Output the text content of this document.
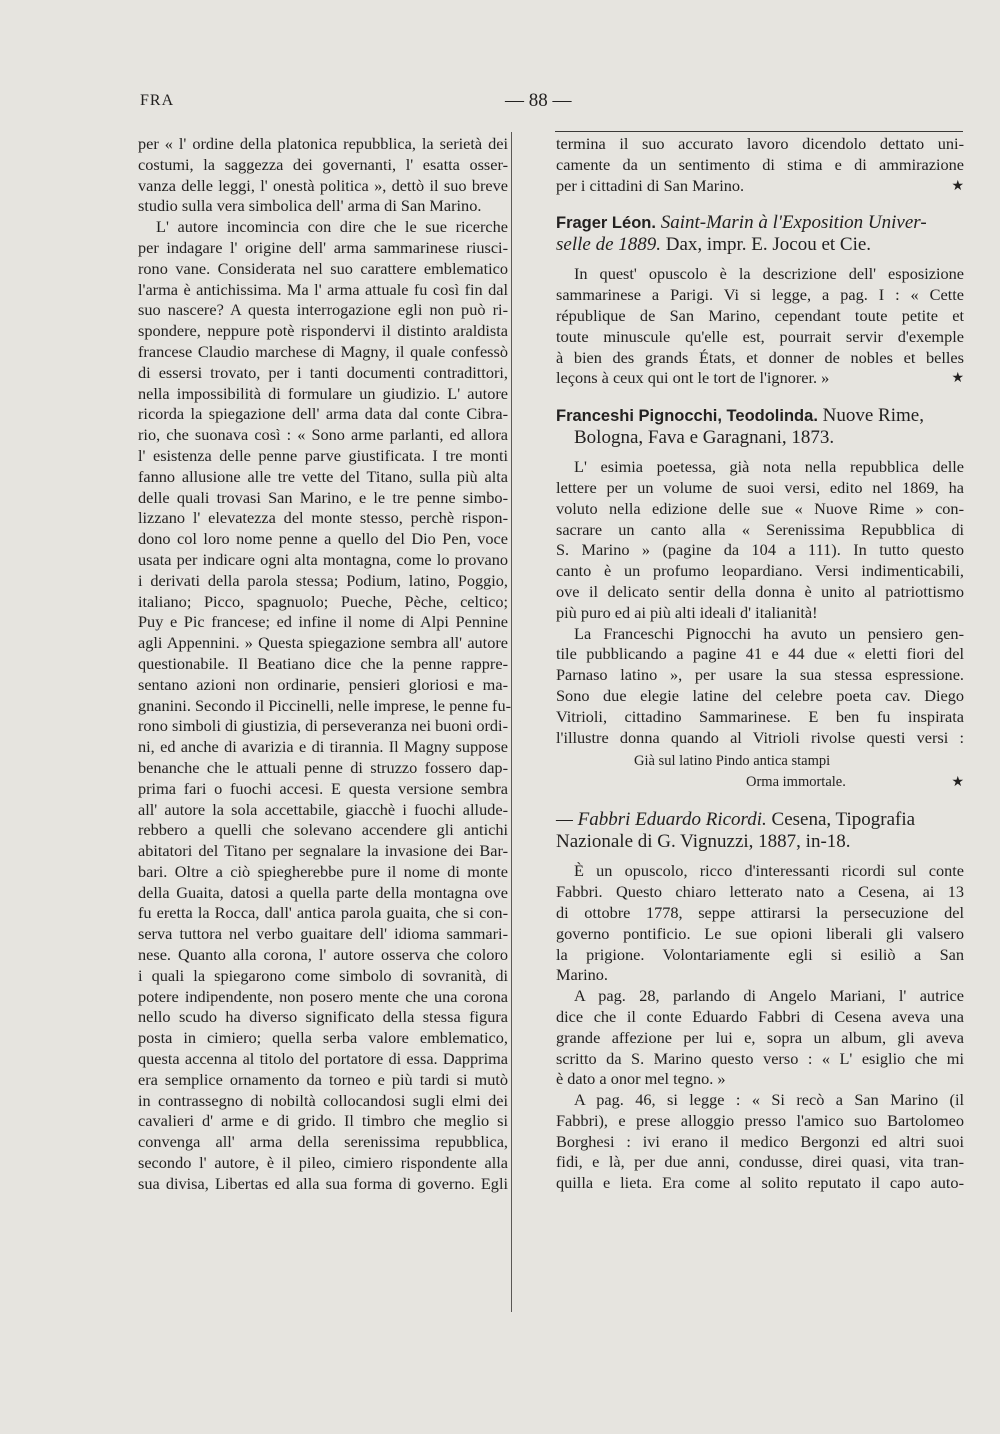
FRA	— 88 —
per « l' ordine della platonica repubblica, la serietà dei
costumi, la saggezza dei governanti, l' esatta osser-
vanza delle leggi, l' onestà politica », dettò il suo breve
studio sulla vera simbolica dell' arma di San Marino.
L' autore incomincia con dire che le sue ricerche
per indagare l' origine dell' arma sammarinese riusci-
rono vane. Considerata nel suo carattere emblematico
l'arma è antichissima. Ma l' arma attuale fu così fin dal
suo nascere? A questa interrogazione egli non può ri-
spondere, neppure potè rispondervi il distinto araldista
francese Claudio marchese di Magny, il quale confessò
di essersi trovato, per i tanti documenti contradittori,
nella impossibilità di formulare un giudizio. L' autore
ricorda la spiegazione dell' arma data dal conte Cibra-
rio, che suonava così : « Sono arme parlanti, ed allora
l' esistenza delle penne parve giustificata. I tre monti
fanno allusione alle tre vette del Titano, sulla più alta
delle quali trovasi San Marino, e le tre penne simbo-
lizzano l' elevatezza del monte stesso, perchè rispon-
dono col loro nome penne a quello del Dio Pen, voce
usata per indicare ogni alta montagna, come lo provano
i derivati della parola stessa; Podium, latino, Poggio,
italiano; Picco, spagnuolo; Pueche, Pèche, celtico;
Puy e Pic francese; ed infine il nome di Alpi Pennine
agli Appennini. » Questa spiegazione sembra all' autore
questionabile. Il Beatiano dice che la penne rappre-
sentano azioni non ordinarie, pensieri gloriosi e ma-
gnanini. Secondo il Piccinelli, nelle imprese, le penne fu-
rono simboli di giustizia, di perseveranza nei buoni ordi-
ni, ed anche di avarizia e di tirannia. Il Magny suppose
benanche che le attuali penne di struzzo fossero dap-
prima fari o fuochi accesi. E questa versione sembra
all' autore la sola accettabile, giacchè i fuochi allude-
rebbero a quelli che solevano accendere gli antichi
abitatori del Titano per segnalare la invasione dei Bar-
bari. Oltre a ciò spiegherebbe pure il nome di monte
della Guaita, datosi a quella parte della montagna ove
fu eretta la Rocca, dall' antica parola guaita, che si con-
serva tuttora nel verbo guaitare dell' idioma sammari-
nese. Quanto alla corona, l' autore osserva che coloro
i quali la spiegarono come simbolo di sovranità, di
potere indipendente, non posero mente che una corona
nello scudo ha diverso significato della stessa figura
posta in cimiero; quella serba valore emblematico,
questa accenna al titolo del portatore di essa. Dapprima
era semplice ornamento da torneo e più tardi si mutò
in contrassegno di nobiltà collocandosi sugli elmi dei
cavalieri d' arme e di grido. Il timbro che meglio si
convenga all' arma della serenissima repubblica,
secondo l' autore, è il pileo, cimiero rispondente alla
sua divisa, Libertas ed alla sua forma di governo. Egli
termina il suo accurato lavoro dicendolo dettato uni-
camente da un sentimento di stima e di ammirazione
per i cittadini di San Marino.	★
Frager Léon. Saint-Marin à l'Exposition Univer-
selle de 1889. Dax, impr. E. Jocou et Cie.
In quest' opuscolo è la descrizione dell' esposizione
sammarinese a Parigi. Vi si legge, a pag. I : « Cette
république de San Marino, cependant toute petite et
toute minuscule qu'elle est, pourrait servir d'exemple
à bien des grands États, et donner de nobles et belles
leçons à ceux qui ont le tort de l'ignorer. »	★
Franceshi Pignocchi, Teodolinda. Nuove Rime,
Bologna, Fava e Garagnani, 1873.
L' esimia poetessa, già nota nella repubblica delle
lettere per un volume de suoi versi, edito nel 1869, ha
voluto nella edizione delle sue « Nuove Rime » con-
sacrare un canto alla « Serenissima Repubblica di
S. Marino » (pagine da 104 a 111). In tutto questo
canto è un profumo leopardiano. Versi indimenticabili,
ove il delicato sentir della donna è unito al patriottismo
più puro ed ai più alti ideali d' italianità!
La Franceschi Pignocchi ha avuto un pensiero gen-
tile pubblicando a pagine 41 e 44 due « eletti fiori del
Parnaso latino », per usare la sua stessa espressione.
Sono due elegie latine del celebre poeta cav. Diego
Vitrioli, cittadino Sammarinese. E ben fu inspirata
l'illustre donna quando al Vitrioli rivolse questi versi :
Già sul latino Pindo antica stampi
Orma immortale.	★
— Fabbri Eduardo Ricordi. Cesena, Tipografia
Nazionale di G. Vignuzzi, 1887, in-18.
È un opuscolo, ricco d'interessanti ricordi sul conte
Fabbri. Questo chiaro letterato nato a Cesena, ai 13
di ottobre 1778, seppe attirarsi la persecuzione del
governo pontificio. Le sue opioni liberali gli valsero
la prigione. Volontariamente egli si esiliò a San
Marino.
A pag. 28, parlando di Angelo Mariani, l' autrice
dice che il conte Eduardo Fabbri di Cesena aveva una
grande affezione per lui e, sopra un album, gli aveva
scritto da S. Marino questo verso : « L' esiglio che mi
è dato a onor mel tegno. »
A pag. 46, si legge : « Si recò a San Marino (il
Fabbri), e prese alloggio presso l'amico suo Bartolomeo
Borghesi : ivi erano il medico Bergonzi ed altri suoi
fidi, e là, per due anni, condusse, direi quasi, vita tran-
quilla e lieta. Era come al solito reputato il capo auto-
